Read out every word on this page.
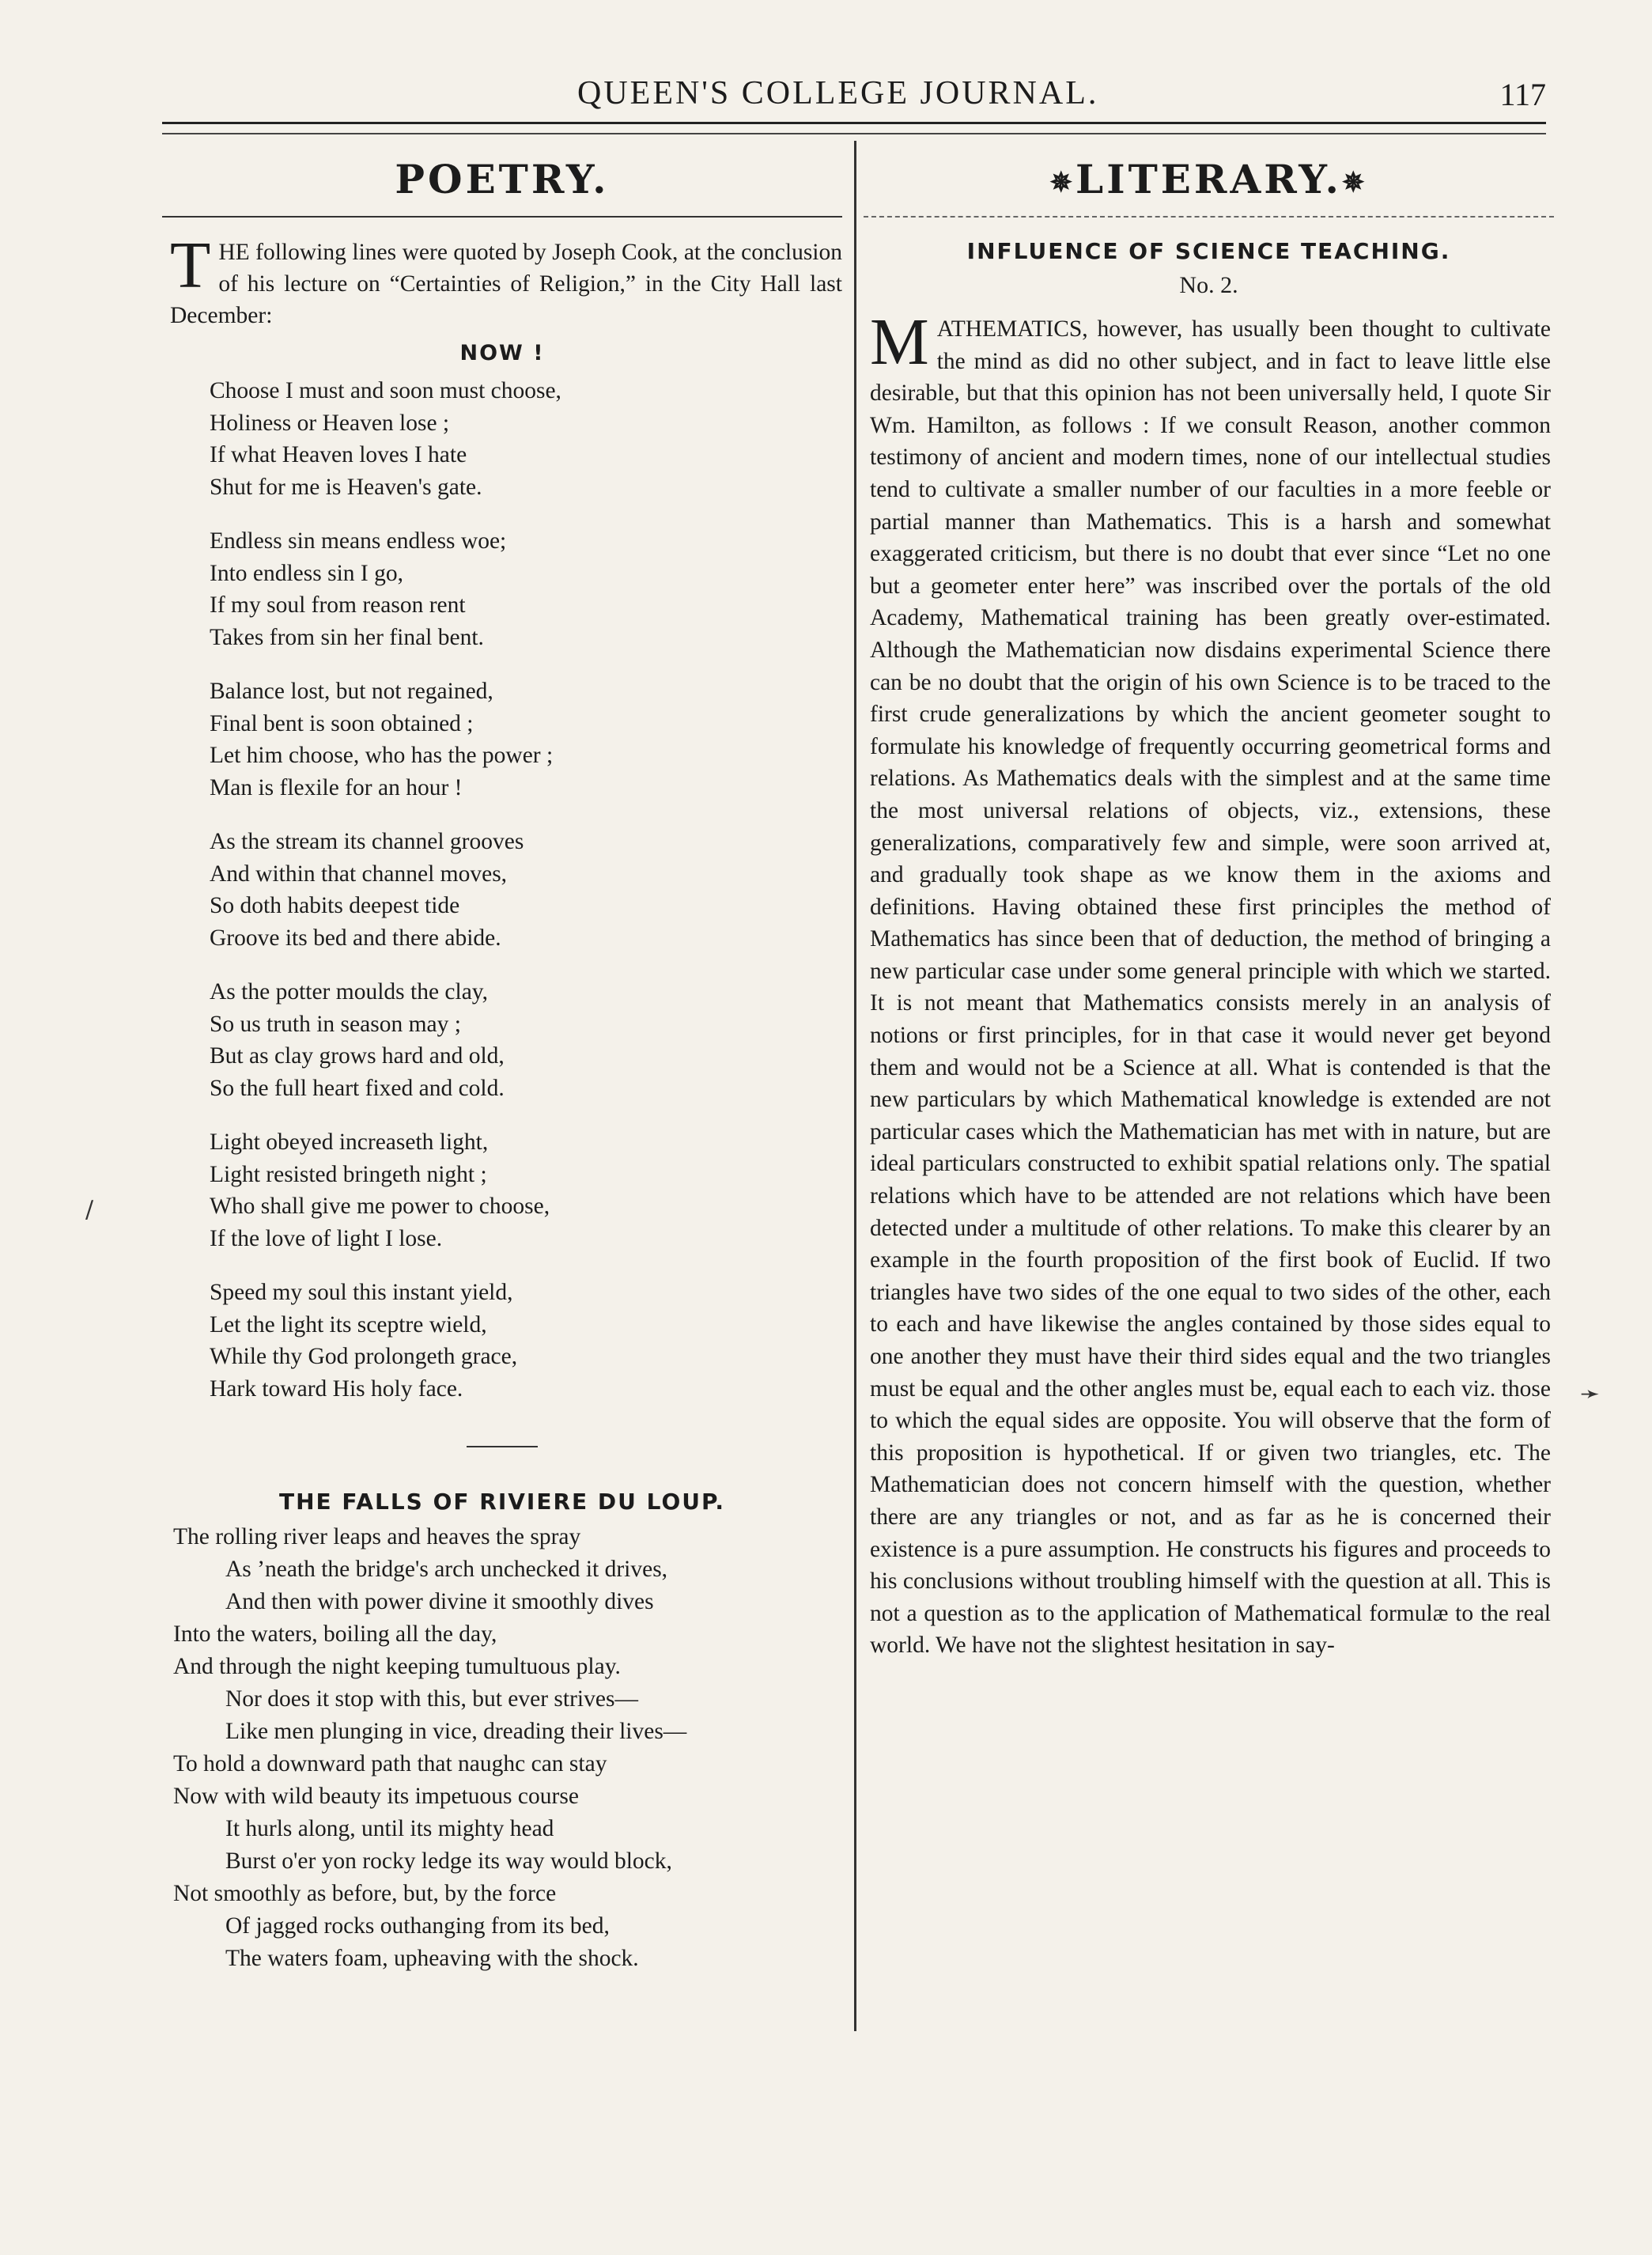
QUEEN'S COLLEGE JOURNAL.	117
POETRY.
T HE following lines were quoted by Joseph Cook, at the conclusion of his lecture on “Certainties of Religion,” in the City Hall last December:
NOW !
Choose I must and soon must choose,
Holiness or Heaven lose ;
If what Heaven loves I hate
Shut for me is Heaven's gate.
Endless sin means endless woe;
Into endless sin I go,
If my soul from reason rent
Takes from sin her final bent.
Balance lost, but not regained,
Final bent is soon obtained ;
Let him choose, who has the power ;
Man is flexile for an hour !
As the stream its channel grooves
And within that channel moves,
So doth habits deepest tide
Groove its bed and there abide.
As the potter moulds the clay,
So us truth in season may ;
But as clay grows hard and old,
So the full heart fixed and cold.
Light obeyed increaseth light,
Light resisted bringeth night ;
Who shall give me power to choose,
If the love of light I lose.
Speed my soul this instant yield,
Let the light its sceptre wield,
While thy God prolongeth grace,
Hark toward His holy face.
THE FALLS OF RIVIERE DU LOUP.
The rolling river leaps and heaves the spray
As ’neath the bridge's arch unchecked it drives,
And then with power divine it smoothly dives
Into the waters, boiling all the day,
And through the night keeping tumultuous play.
Nor does it stop with this, but ever strives—
Like men plunging in vice, dreading their lives—
To hold a downward path that naughc can stay
Now with wild beauty its impetuous course
It hurls along, until its mighty head
Burst o'er yon rocky ledge its way would block,
Not smoothly as before, but, by the force
Of jagged rocks outhanging from its bed,
The waters foam, upheaving with the shock.
✵LITERARY.✵
INFLUENCE OF SCIENCE TEACHING.
No. 2.
M ATHEMATICS, however, has usually been thought to cultivate the mind as did no other subject, and in fact to leave little else desirable, but that this opinion has not been universally held, I quote Sir Wm. Hamilton, as follows : If we consult Reason, another common testimony of ancient and modern times, none of our intellectual studies tend to cultivate a smaller number of our faculties in a more feeble or partial manner than Mathematics. This is a harsh and somewhat exaggerated criticism, but there is no doubt that ever since “Let no one but a geometer enter here” was inscribed over the portals of the old Academy, Mathematical training has been greatly over-estimated. Although the Mathematician now disdains experimental Science there can be no doubt that the origin of his own Science is to be traced to the first crude generalizations by which the ancient geometer sought to formulate his knowledge of frequently occurring geometrical forms and relations. As Mathematics deals with the simplest and at the same time the most universal relations of objects, viz., extensions, these generalizations, comparatively few and simple, were soon arrived at, and gradually took shape as we know them in the axioms and definitions. Having obtained these first principles the method of Mathematics has since been that of deduction, the method of bringing a new particular case under some general principle with which we started. It is not meant that Mathematics consists merely in an analysis of notions or first principles, for in that case it would never get beyond them and would not be a Science at all. What is contended is that the new particulars by which Mathematical knowledge is extended are not particular cases which the Mathematician has met with in nature, but are ideal particulars constructed to exhibit spatial relations only. The spatial relations which have to be attended are not relations which have been detected under a multitude of other relations. To make this clearer by an example in the fourth proposition of the first book of Euclid. If two triangles have two sides of the one equal to two sides of the other, each to each and have likewise the angles contained by those sides equal to one another they must have their third sides equal and the two triangles must be equal and the other angles must be, equal each to each viz. those to which the equal sides are opposite. You will observe that the form of this proposition is hypothetical. If or given two triangles, etc. The Mathematician does not concern himself with the question, whether there are any triangles or not, and as far as he is concerned their existence is a pure assumption. He constructs his figures and proceeds to his conclusions without troubling himself with the question at all. This is not a question as to the application of Mathematical formulæ to the real world. We have not the slightest hesitation in say-
/
➛
